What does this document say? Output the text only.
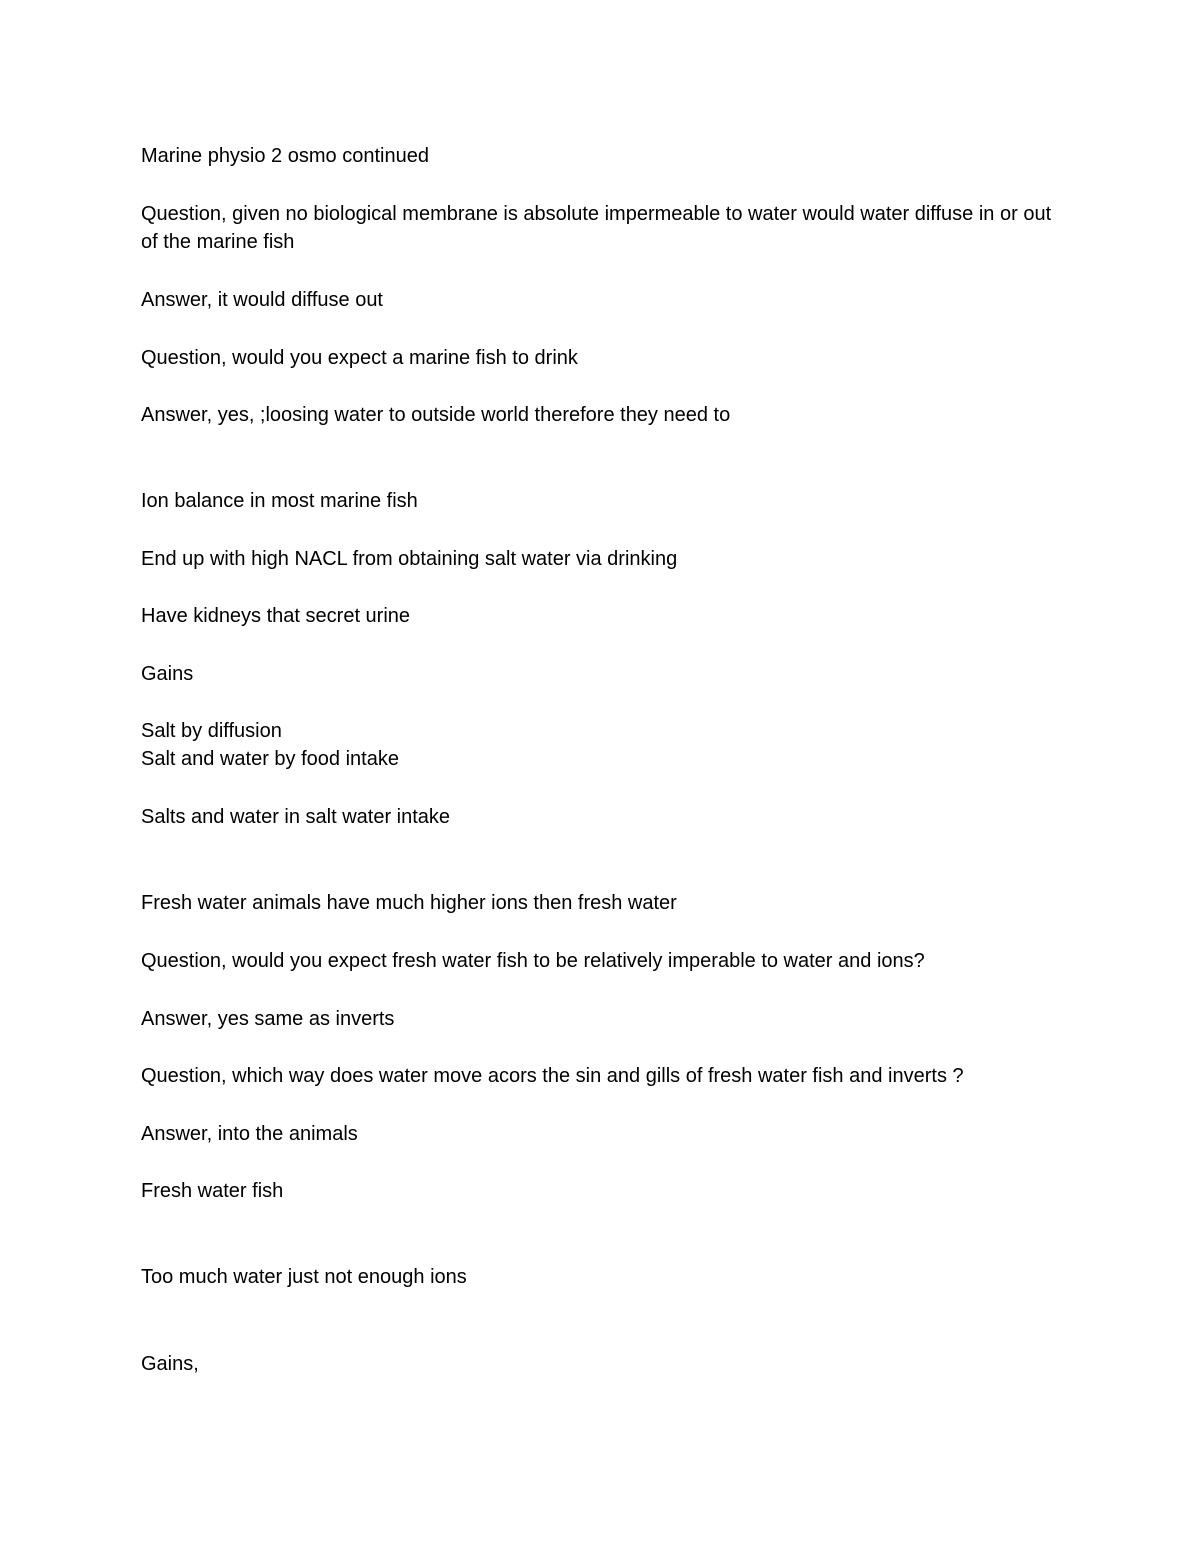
Marine physio 2 osmo continued
Question, given no biological membrane is absolute impermeable to water would water diffuse in or out of the marine fish
Answer, it would diffuse out
Question, would you expect a marine fish to drink
Answer, yes, ;loosing water to outside world therefore they need to
Ion balance in most marine fish
End up with high NACL from obtaining salt water via drinking
Have kidneys that secret urine
Gains
Salt by diffusion
Salt and water by food intake
Salts and water in salt water intake
Fresh water animals have much higher ions then fresh water
Question, would you expect fresh water fish to be relatively imperable to water and ions?
Answer, yes same as inverts
Question, which way does water move acors the sin and gills of fresh water fish and inverts ?
Answer, into the animals
Fresh water fish
Too much water just not enough ions
Gains,
